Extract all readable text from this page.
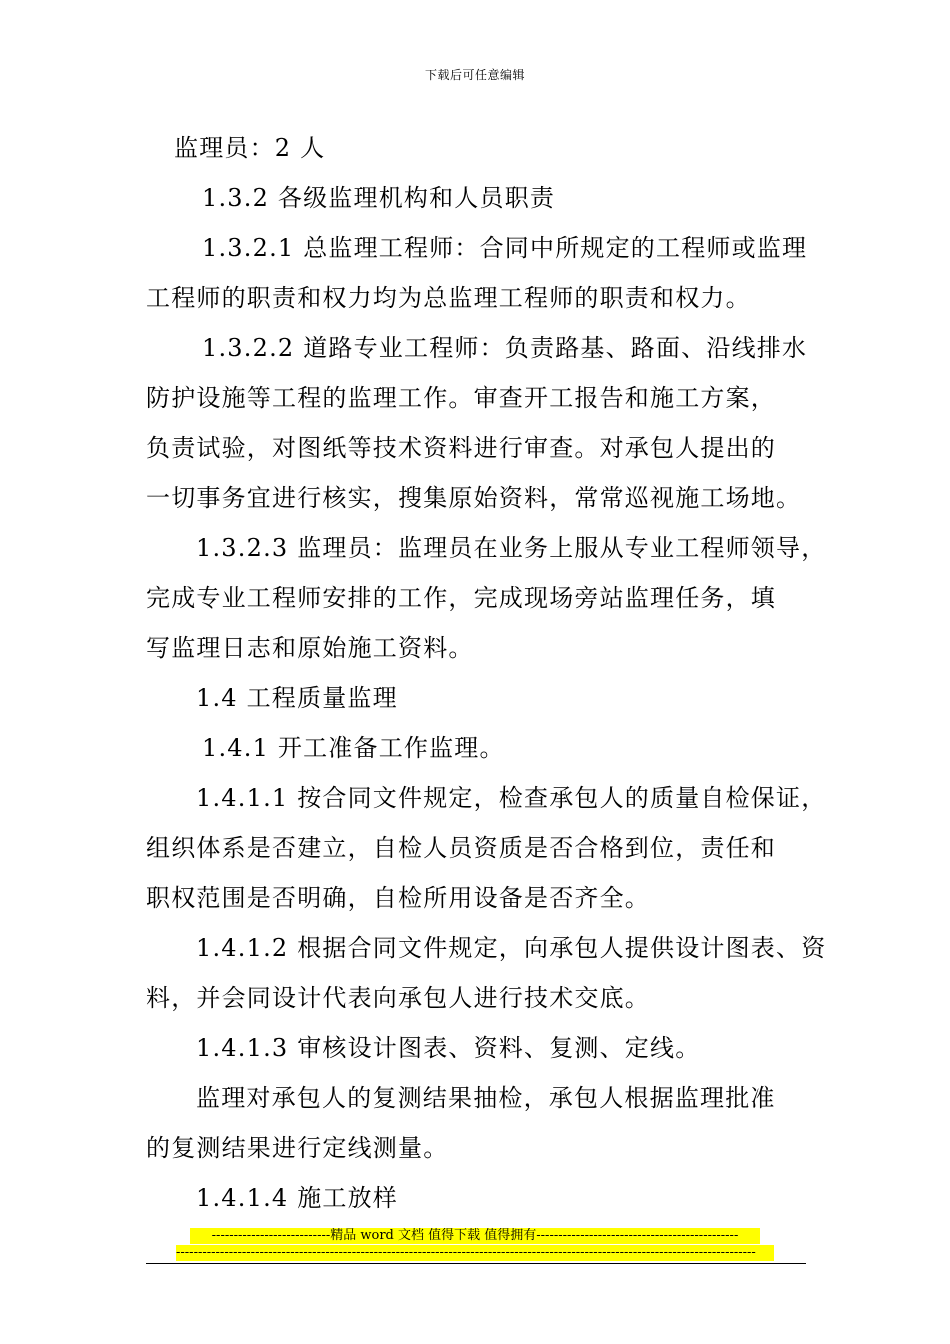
下载后可任意编辑
监理员：2 人
1.3.2 各级监理机构和人员职责
1.3.2.1 总监理工程师：合同中所规定的工程师或监理
工程师的职责和权力均为总监理工程师的职责和权力。
1.3.2.2 道路专业工程师：负责路基、路面、沿线排水
防护设施等工程的监理工作。审查开工报告和施工方案，
负责试验，对图纸等技术资料进行审查。对承包人提出的
一切事务宜进行核实，搜集原始资料，常常巡视施工场地。
1.3.2.3 监理员：监理员在业务上服从专业工程师领导，
完成专业工程师安排的工作，完成现场旁站监理任务，填
写监理日志和原始施工资料。
1.4 工程质量监理
1.4.1 开工准备工作监理。
1.4.1.1 按合同文件规定，检查承包人的质量自检保证，
组织体系是否建立，自检人员资质是否合格到位，责任和
职权范围是否明确，自检所用设备是否齐全。
1.4.1.2 根据合同文件规定，向承包人提供设计图表、资
料，并会同设计代表向承包人进行技术交底。
1.4.1.3 审核设计图表、资料、复测、定线。
监理对承包人的复测结果抽检，承包人根据监理批准
的复测结果进行定线测量。
1.4.1.4 施工放样
---------------------------精品 word 文档 值得下载 值得拥有----------------------------------------------
------------------------------------------------------------------------------------------------------------------------------------
